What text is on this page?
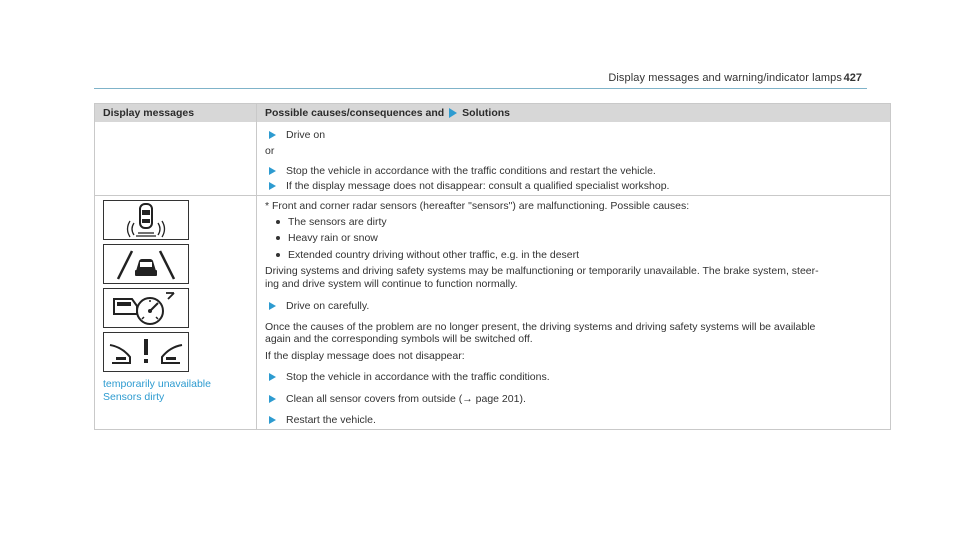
Display messages and warning/indicator lamps 427
Display messages	Possible causes/consequences and Solutions
Drive on
or
Stop the vehicle in accordance with the traffic conditions and restart the vehicle.
If the display message does not disappear: consult a qualified specialist workshop.
temporarily unavailable
Sensors dirty
* Front and corner radar sensors (hereafter "sensors") are malfunctioning. Possible causes:
The sensors are dirty
Heavy rain or snow
Extended country driving without other traffic, e.g. in the desert
Driving systems and driving safety systems may be malfunctioning or temporarily unavailable. The brake system, steer-
ing and drive system will continue to function normally.
Drive on carefully.
Once the causes of the problem are no longer present, the driving systems and driving safety systems will be available
again and the corresponding symbols will be switched off.
If the display message does not disappear:
Stop the vehicle in accordance with the traffic conditions.
Clean all sensor covers from outside (→ page 201).
Restart the vehicle.
